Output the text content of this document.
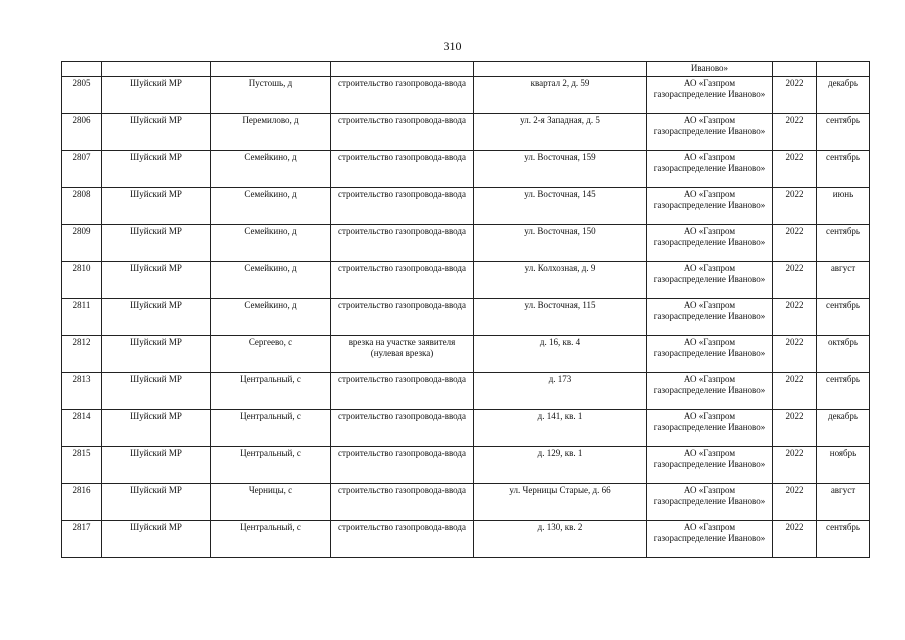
310
					Иваново»		
2805	Шуйский МР	Пустошь, д	строительство газопровода-ввода	квартал 2, д. 59	АО «Газпром газораспределение Иваново»	2022	декабрь
2806	Шуйский МР	Перемилово, д	строительство газопровода-ввода	ул. 2-я Западная, д. 5	АО «Газпром газораспределение Иваново»	2022	сентябрь
2807	Шуйский МР	Семейкино, д	строительство газопровода-ввода	ул. Восточная, 159	АО «Газпром газораспределение Иваново»	2022	сентябрь
2808	Шуйский МР	Семейкино, д	строительство газопровода-ввода	ул. Восточная, 145	АО «Газпром газораспределение Иваново»	2022	июнь
2809	Шуйский МР	Семейкино, д	строительство газопровода-ввода	ул. Восточная, 150	АО «Газпром газораспределение Иваново»	2022	сентябрь
2810	Шуйский МР	Семейкино, д	строительство газопровода-ввода	ул. Колхозная, д. 9	АО «Газпром газораспределение Иваново»	2022	август
2811	Шуйский МР	Семейкино, д	строительство газопровода-ввода	ул. Восточная, 115	АО «Газпром газораспределение Иваново»	2022	сентябрь
2812	Шуйский МР	Сергеево, с	врезка на участке заявителя (нулевая врезка)	д. 16, кв. 4	АО «Газпром газораспределение Иваново»	2022	октябрь
2813	Шуйский МР	Центральный, с	строительство газопровода-ввода	д. 173	АО «Газпром газораспределение Иваново»	2022	сентябрь
2814	Шуйский МР	Центральный, с	строительство газопровода-ввода	д. 141, кв. 1	АО «Газпром газораспределение Иваново»	2022	декабрь
2815	Шуйский МР	Центральный, с	строительство газопровода-ввода	д. 129, кв. 1	АО «Газпром газораспределение Иваново»	2022	ноябрь
2816	Шуйский МР	Черницы, с	строительство газопровода-ввода	ул. Черницы Старые, д. 66	АО «Газпром газораспределение Иваново»	2022	август
2817	Шуйский МР	Центральный, с	строительство газопровода-ввода	д. 130, кв. 2	АО «Газпром газораспределение Иваново»	2022	сентябрь
